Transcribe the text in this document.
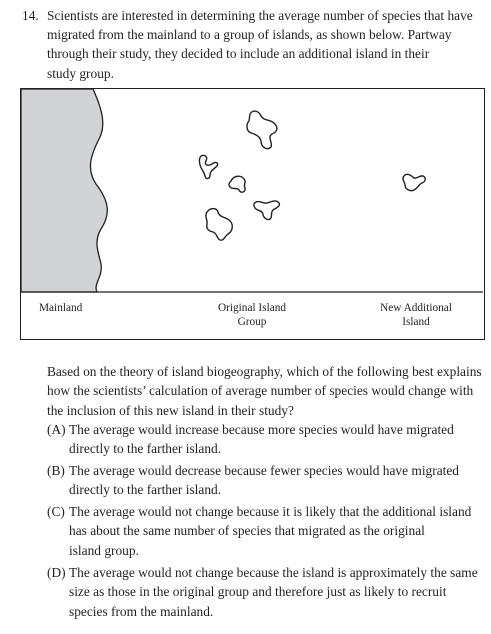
14. Scientists are interested in determining the average number of species that have
migrated from the mainland to a group of islands, as shown below. Partway
through their study, they decided to include an additional island in their
study group.
Mainland	Original Island
Group
New Additional
Island
Based on the theory of island biogeography, which of the following best explains
how the scientists’ calculation of average number of species would change with
the inclusion of this new island in their study?
(A) The average would increase because more species would have migrated
directly to the farther island.
(B) The average would decrease because fewer species would have migrated
directly to the farther island.
(C) The average would not change because it is likely that the additional island
has about the same number of species that migrated as the original
island group.
(D) The average would not change because the island is approximately the same
size as those in the original group and therefore just as likely to recruit
species from the mainland.
